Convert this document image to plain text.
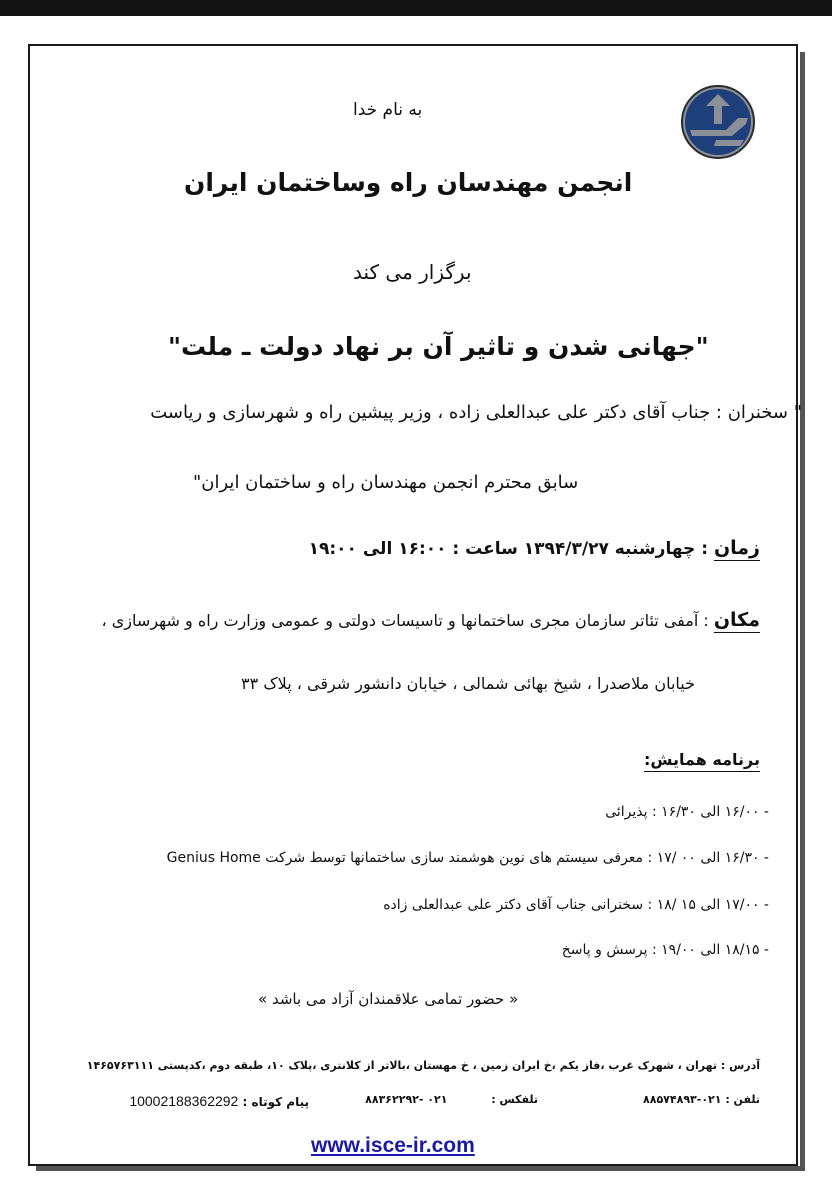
به نام خدا
انجمن مهندسان راه وساختمان ایران
برگزار می کند
"جهانی شدن و تاثیر آن بر نهاد دولت ـ ملت"
" سخنران : جناب آقای دکتر علی عبدالعلی زاده ، وزیر پیشین راه و شهرسازی و ریاست
سابق محترم انجمن مهندسان راه و ساختمان ایران"
زمان : چهارشنبه ۱۳۹۴/۳/۲۷ ساعت : ۱۶:۰۰ الی ۱۹:۰۰
مکان : آمفی تئاتر سازمان مجری ساختمانها و تاسیسات دولتی و عمومی وزارت راه و شهرسازی ،
خیابان ملاصدرا ، شیخ بهائی شمالی ، خیابان دانشور شرقی ، پلاک ۳۳
برنامه همایش:
- ۱۶/۰۰ الی ۱۶/۳۰ : پذیرائی
- ۱۶/۳۰ الی ۰۰ /۱۷ : معرفی سیستم های نوین هوشمند سازی ساختمانها توسط شرکت Genius Home
- ۱۷/۰۰ الی ۱۵ /۱۸ : سخنرانی جناب آقای دکتر علی عبدالعلی زاده
- ۱۸/۱۵ الی ۱۹/۰۰ : پرسش و پاسخ
« حضور تمامی علاقمندان آزاد می باشد »
آدرس : تهران ، شهرک غرب ،فاز یکم ،خ ایران زمین ، خ مهستان ،بالاتر از کلانتری ،پلاک ۱۰، طبقه دوم ،کدپستی ۱۴۶۵۷۶۳۱۱۱
تلفن : ۰۲۱-۸۸۵۷۴۸۹۳
تلفکس : ۰۲۱ -۸۸۳۶۲۲۹۲
پیام کوتاه : 10002188362292
www.isce-ir.com
